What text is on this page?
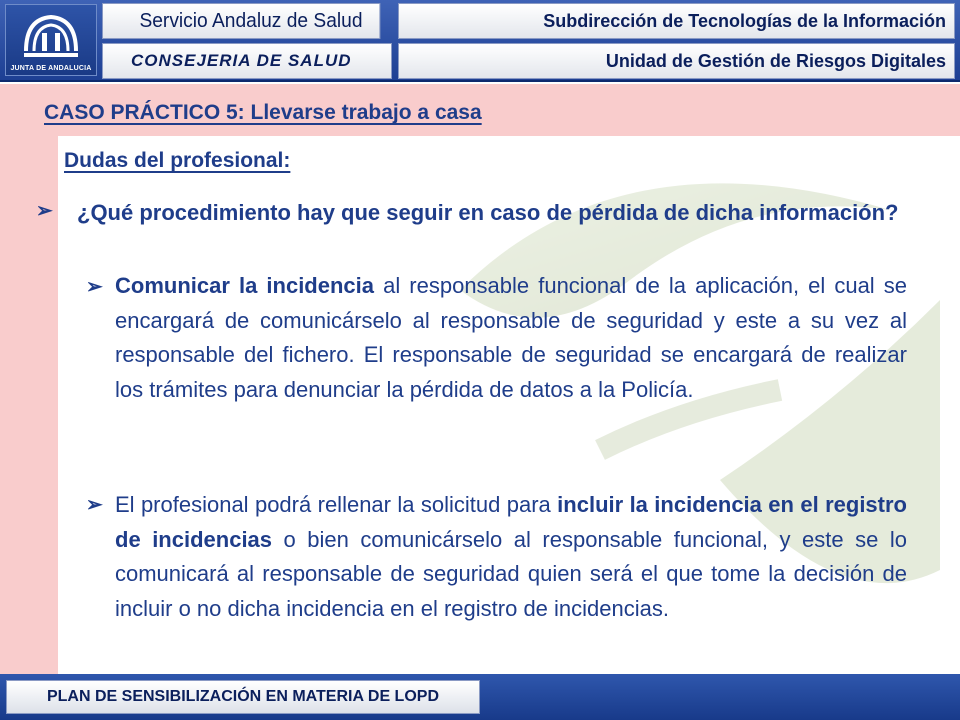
JUNTA DE ANDALUCIA
Servicio Andaluz de Salud
CONSEJERIA DE SALUD
Subdirección de Tecnologías de la Información
Unidad de Gestión de Riesgos Digitales
CASO PRÁCTICO 5: Llevarse trabajo a casa
Dudas del profesional:
➢ ¿Qué procedimiento hay que seguir en caso de pérdida de dicha información?
➢ Comunicar la incidencia al responsable funcional de la aplicación, el cual se encargará de comunicárselo al responsable de seguridad y este a su vez al responsable del fichero. El responsable de seguridad se encargará de realizar los trámites para denunciar la pérdida de datos a la Policía.
➢ El profesional podrá rellenar la solicitud para incluir la incidencia en el registro de incidencias o bien comunicárselo al responsable funcional, y este se lo comunicará al responsable de seguridad quien será el que tome la decisión de incluir o no dicha incidencia en el registro de incidencias.
PLAN DE SENSIBILIZACIÓN EN MATERIA DE LOPD
